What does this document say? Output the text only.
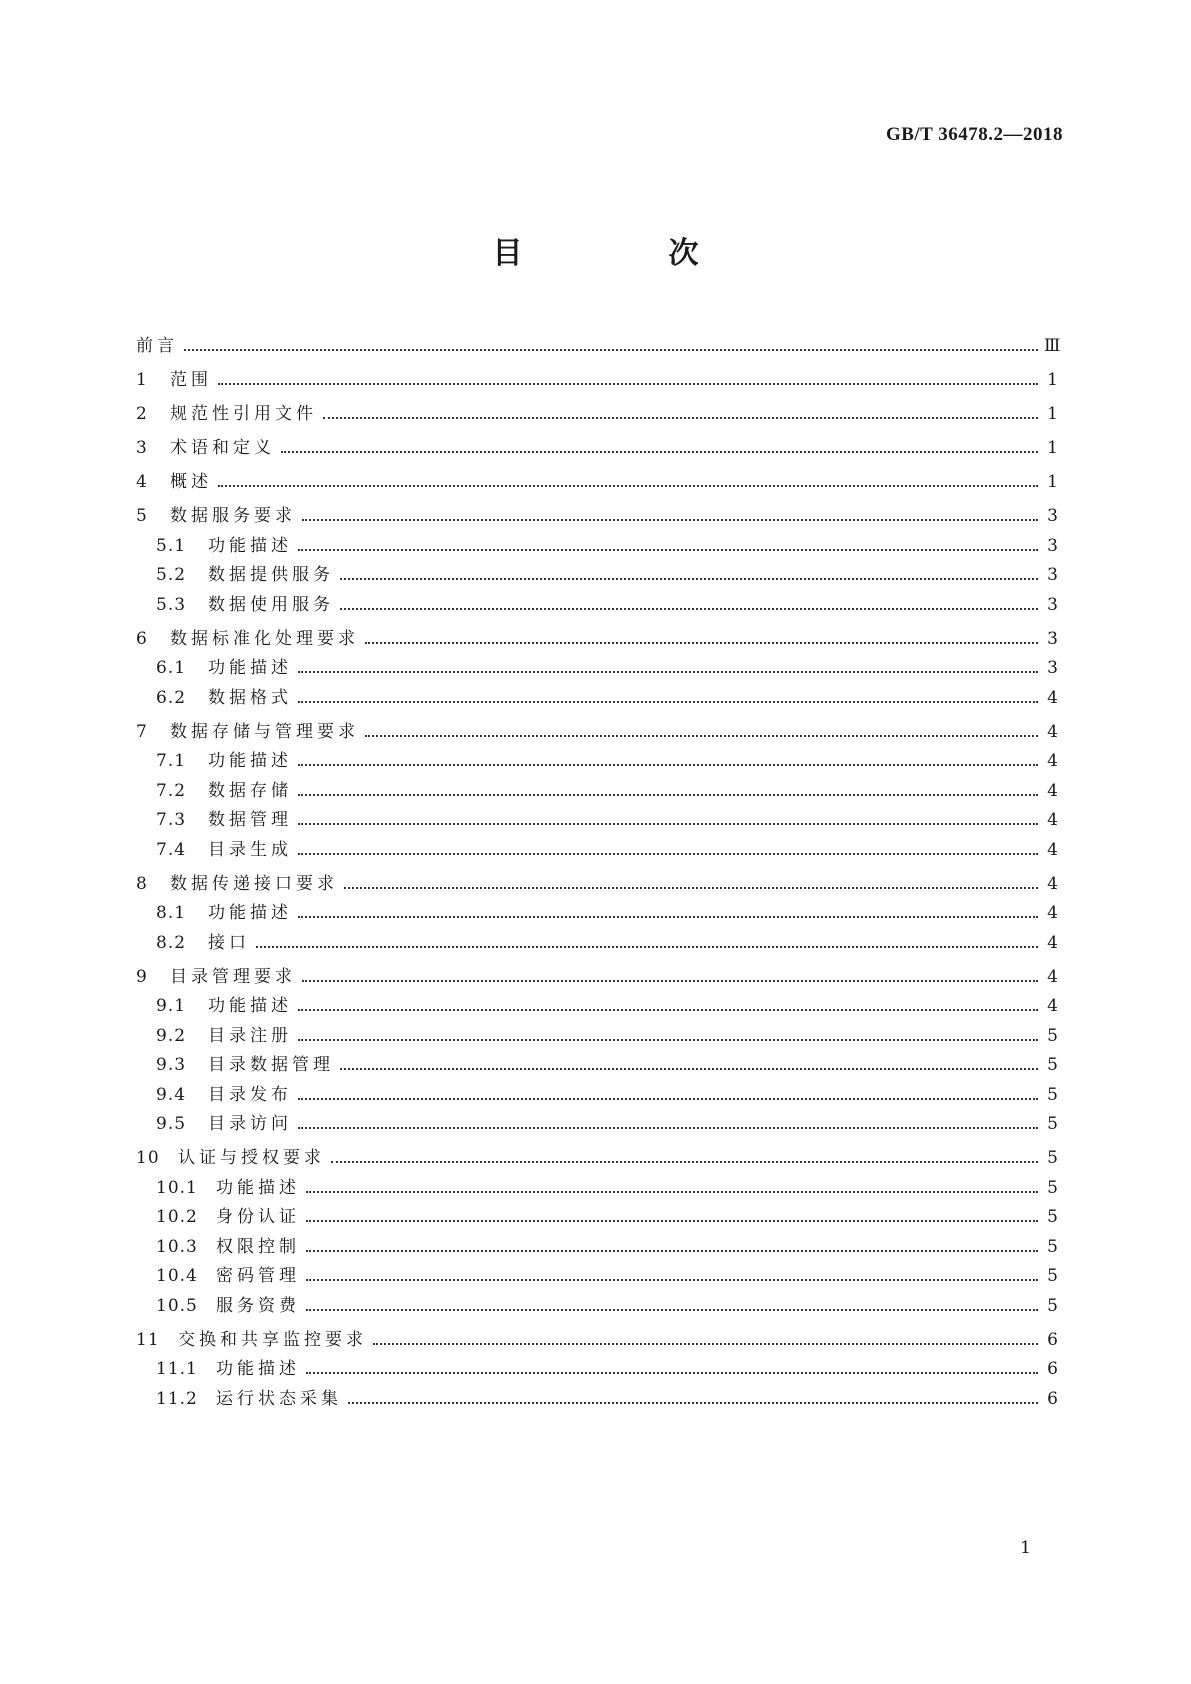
GB/T 36478.2—2018
目　次
前言	Ⅲ
1	范围	1
2	规范性引用文件	1
3	术语和定义	1
4	概述	1
5	数据服务要求	3
5.1	功能描述	3
5.2	数据提供服务	3
5.3	数据使用服务	3
6	数据标准化处理要求	3
6.1	功能描述	3
6.2	数据格式	4
7	数据存储与管理要求	4
7.1	功能描述	4
7.2	数据存储	4
7.3	数据管理	4
7.4	目录生成	4
8	数据传递接口要求	4
8.1	功能描述	4
8.2	接口	4
9	目录管理要求	4
9.1	功能描述	4
9.2	目录注册	5
9.3	目录数据管理	5
9.4	目录发布	5
9.5	目录访问	5
10	认证与授权要求	5
10.1	功能描述	5
10.2	身份认证	5
10.3	权限控制	5
10.4	密码管理	5
10.5	服务资费	5
11	交换和共享监控要求	6
11.1	功能描述	6
11.2	运行状态采集	6
1
